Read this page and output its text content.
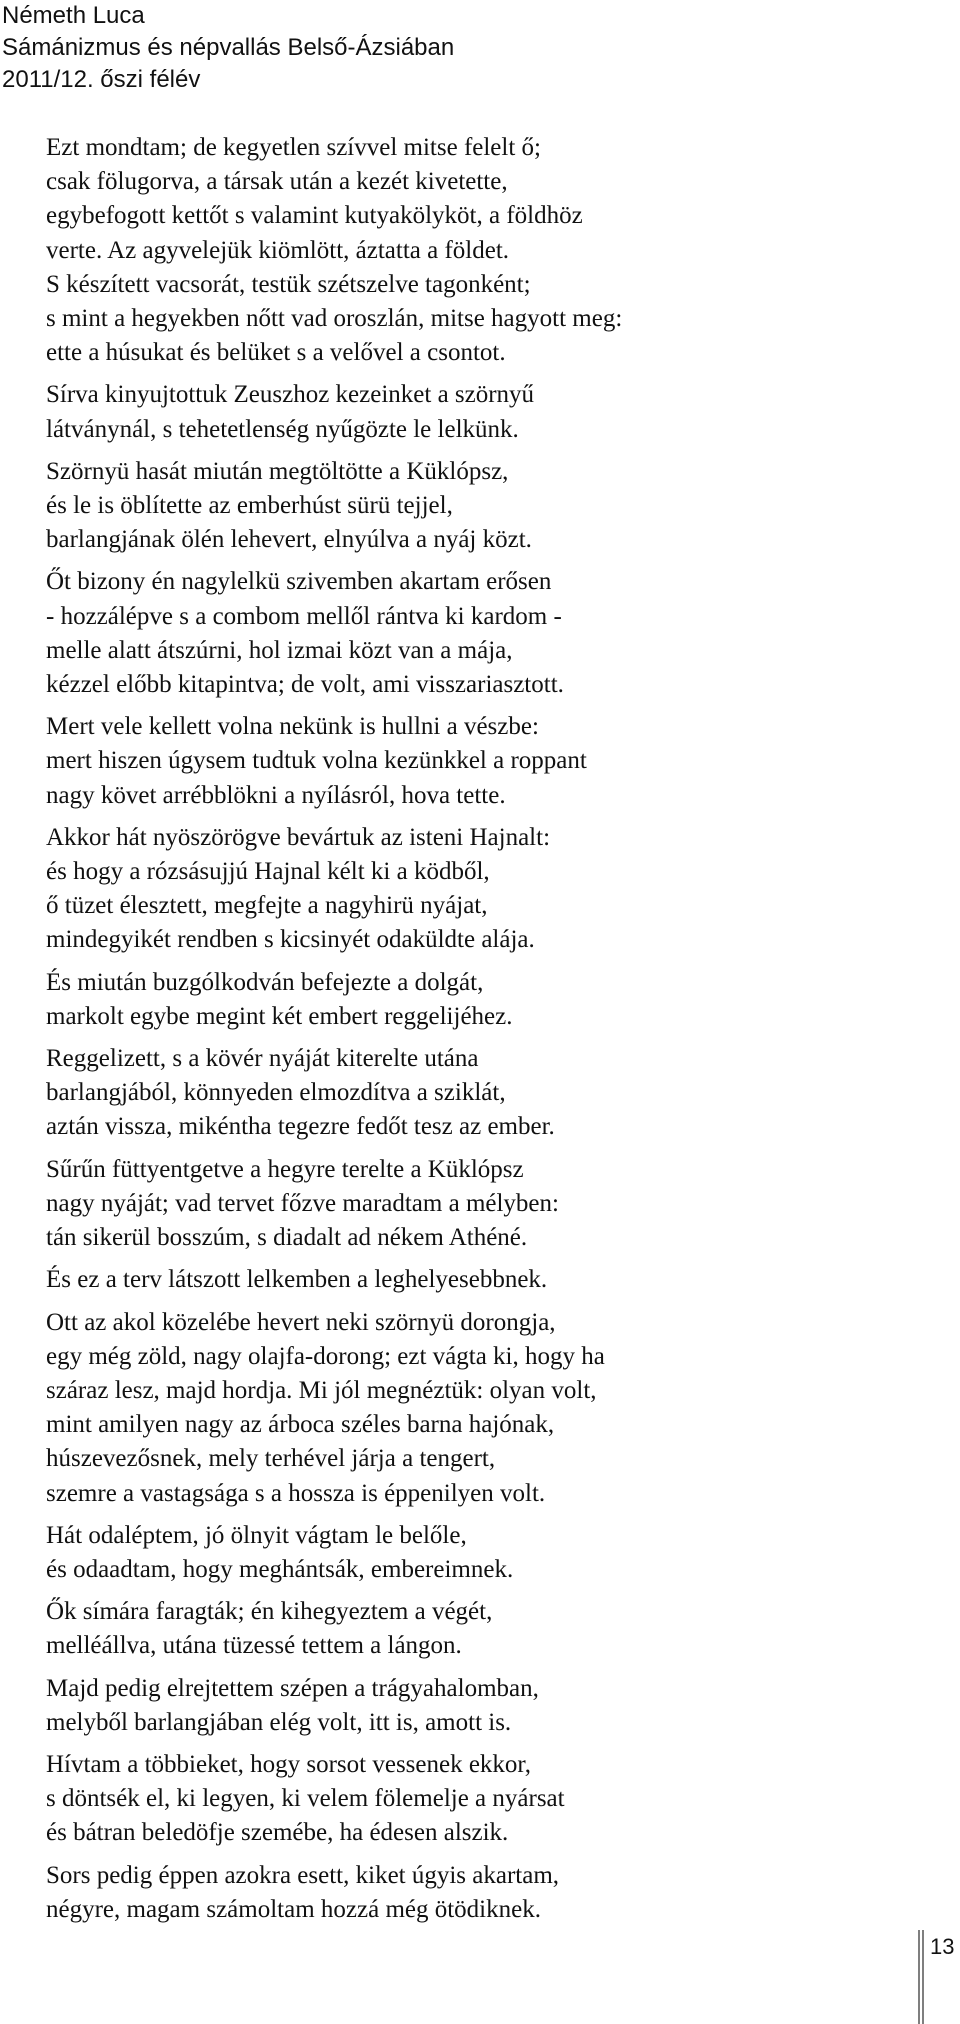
Németh Luca
Sámánizmus és népvallás Belső-Ázsiában
2011/12. őszi félév
Ezt mondtam; de kegyetlen szívvel mitse felelt ő;
csak fölugorva, a társak után a kezét kivetette,
egybefogott kettőt s valamint kutyakölyköt, a földhöz
verte. Az agyvelejük kiömlött, áztatta a földet.
S készített vacsorát, testük szétszelve tagonként;
s mint a hegyekben nőtt vad oroszlán, mitse hagyott meg:
ette a húsukat és belüket s a velővel a csontot.
Sírva kinyujtottuk Zeuszhoz kezeinket a szörnyű
látványnál, s tehetetlenség nyűgözte le lelkünk.
Szörnyü hasát miután megtöltötte a Küklópsz,
és le is öblítette az emberhúst sürü tejjel,
barlangjának ölén lehevert, elnyúlva a nyáj közt.
Őt bizony én nagylelkü szivemben akartam erősen
- hozzálépve s a combom mellől rántva ki kardom -
melle alatt átszúrni, hol izmai közt van a mája,
kézzel előbb kitapintva; de volt, ami visszariasztott.
Mert vele kellett volna nekünk is hullni a vészbe:
mert hiszen úgysem tudtuk volna kezünkkel a roppant
nagy követ arrébblökni a nyílásról, hova tette.
Akkor hát nyöszörögve bevártuk az isteni Hajnalt:
és hogy a rózsásujjú Hajnal kélt ki a ködből,
ő tüzet élesztett, megfejte a nagyhirü nyájat,
mindegyikét rendben s kicsinyét odaküldte alája.
És miután buzgólkodván befejezte a dolgát,
markolt egybe megint két embert reggelijéhez.
Reggelizett, s a kövér nyáját kiterelte utána
barlangjából, könnyeden elmozdítva a sziklát,
aztán vissza, mikéntha tegezre fedőt tesz az ember.
Sűrűn füttyentgetve a hegyre terelte a Küklópsz
nagy nyáját; vad tervet főzve maradtam a mélyben:
tán sikerül bosszúm, s diadalt ad nékem Athéné.
És ez a terv látszott lelkemben a leghelyesebbnek.
Ott az akol közelébe hevert neki szörnyü dorongja,
egy még zöld, nagy olajfa-dorong; ezt vágta ki, hogy ha
száraz lesz, majd hordja. Mi jól megnéztük: olyan volt,
mint amilyen nagy az árboca széles barna hajónak,
húszevezősnek, mely terhével járja a tengert,
szemre a vastagsága s a hossza is éppenilyen volt.
Hát odaléptem, jó ölnyit vágtam le belőle,
és odaadtam, hogy meghántsák, embereimnek.
Ők símára faragták; én kihegyeztem a végét,
melléállva, utána tüzessé tettem a lángon.
Majd pedig elrejtettem szépen a trágyahalomban,
melyből barlangjában elég volt, itt is, amott is.
Hívtam a többieket, hogy sorsot vessenek ekkor,
s döntsék el, ki legyen, ki velem fölemelje a nyársat
és bátran beledöfje szemébe, ha édesen alszik.
Sors pedig éppen azokra esett, kiket úgyis akartam,
négyre, magam számoltam hozzá még ötödiknek.
13
